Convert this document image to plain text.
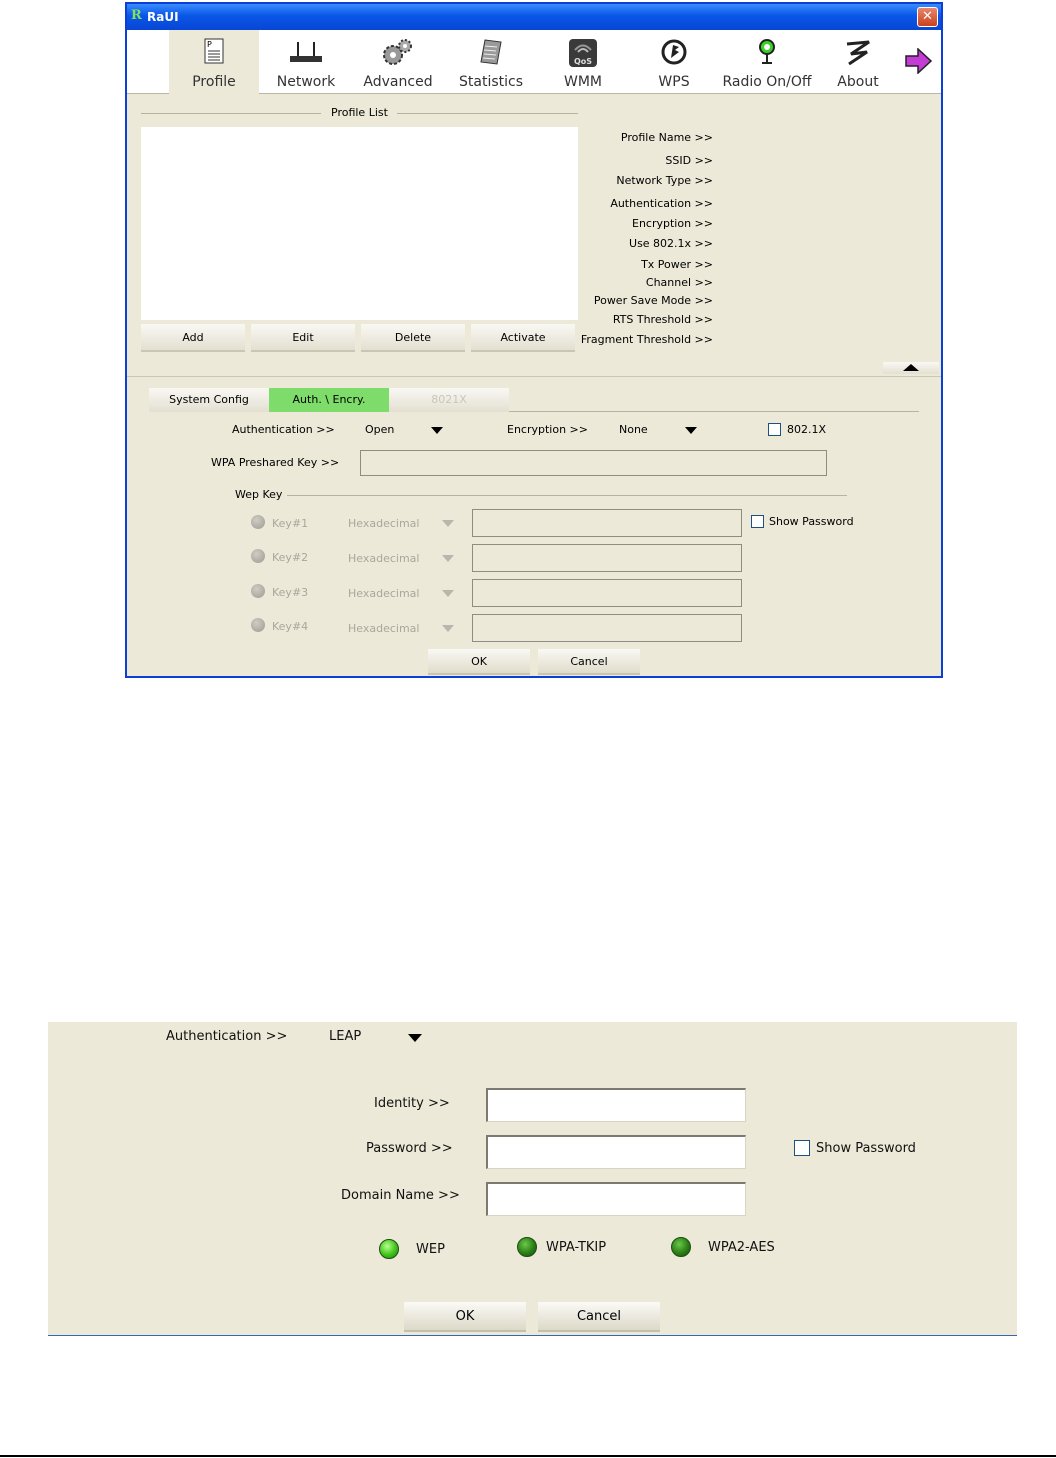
R RaUI	✕
P
Profile	Network	Advanced	Statistics
QoS
WMM	WPS	Radio On/Off	About
Profile List
Add	Edit	Delete	Activate
Profile Name >>
SSID >>
Network Type >>
Authentication >>
Encryption >>
Use 802.1x >>
Tx Power >>
Channel >>
Power Save Mode >>
RTS Threshold >>
Fragment Threshold >>
System Config	Auth. \ Encry.	8021X
Authentication >>	Open	Encryption >>	None	802.1X
WPA Preshared Key >>
Wep Key
Key#1	Hexadecimal
Key#2	Hexadecimal
Key#3	Hexadecimal
Key#4	Hexadecimal
Show Password
OK	Cancel
Authentication >>	LEAP
Identity >>
Password >>	Show Password
Domain Name >>
WEP	WPA-TKIP	WPA2-AES
OK	Cancel
